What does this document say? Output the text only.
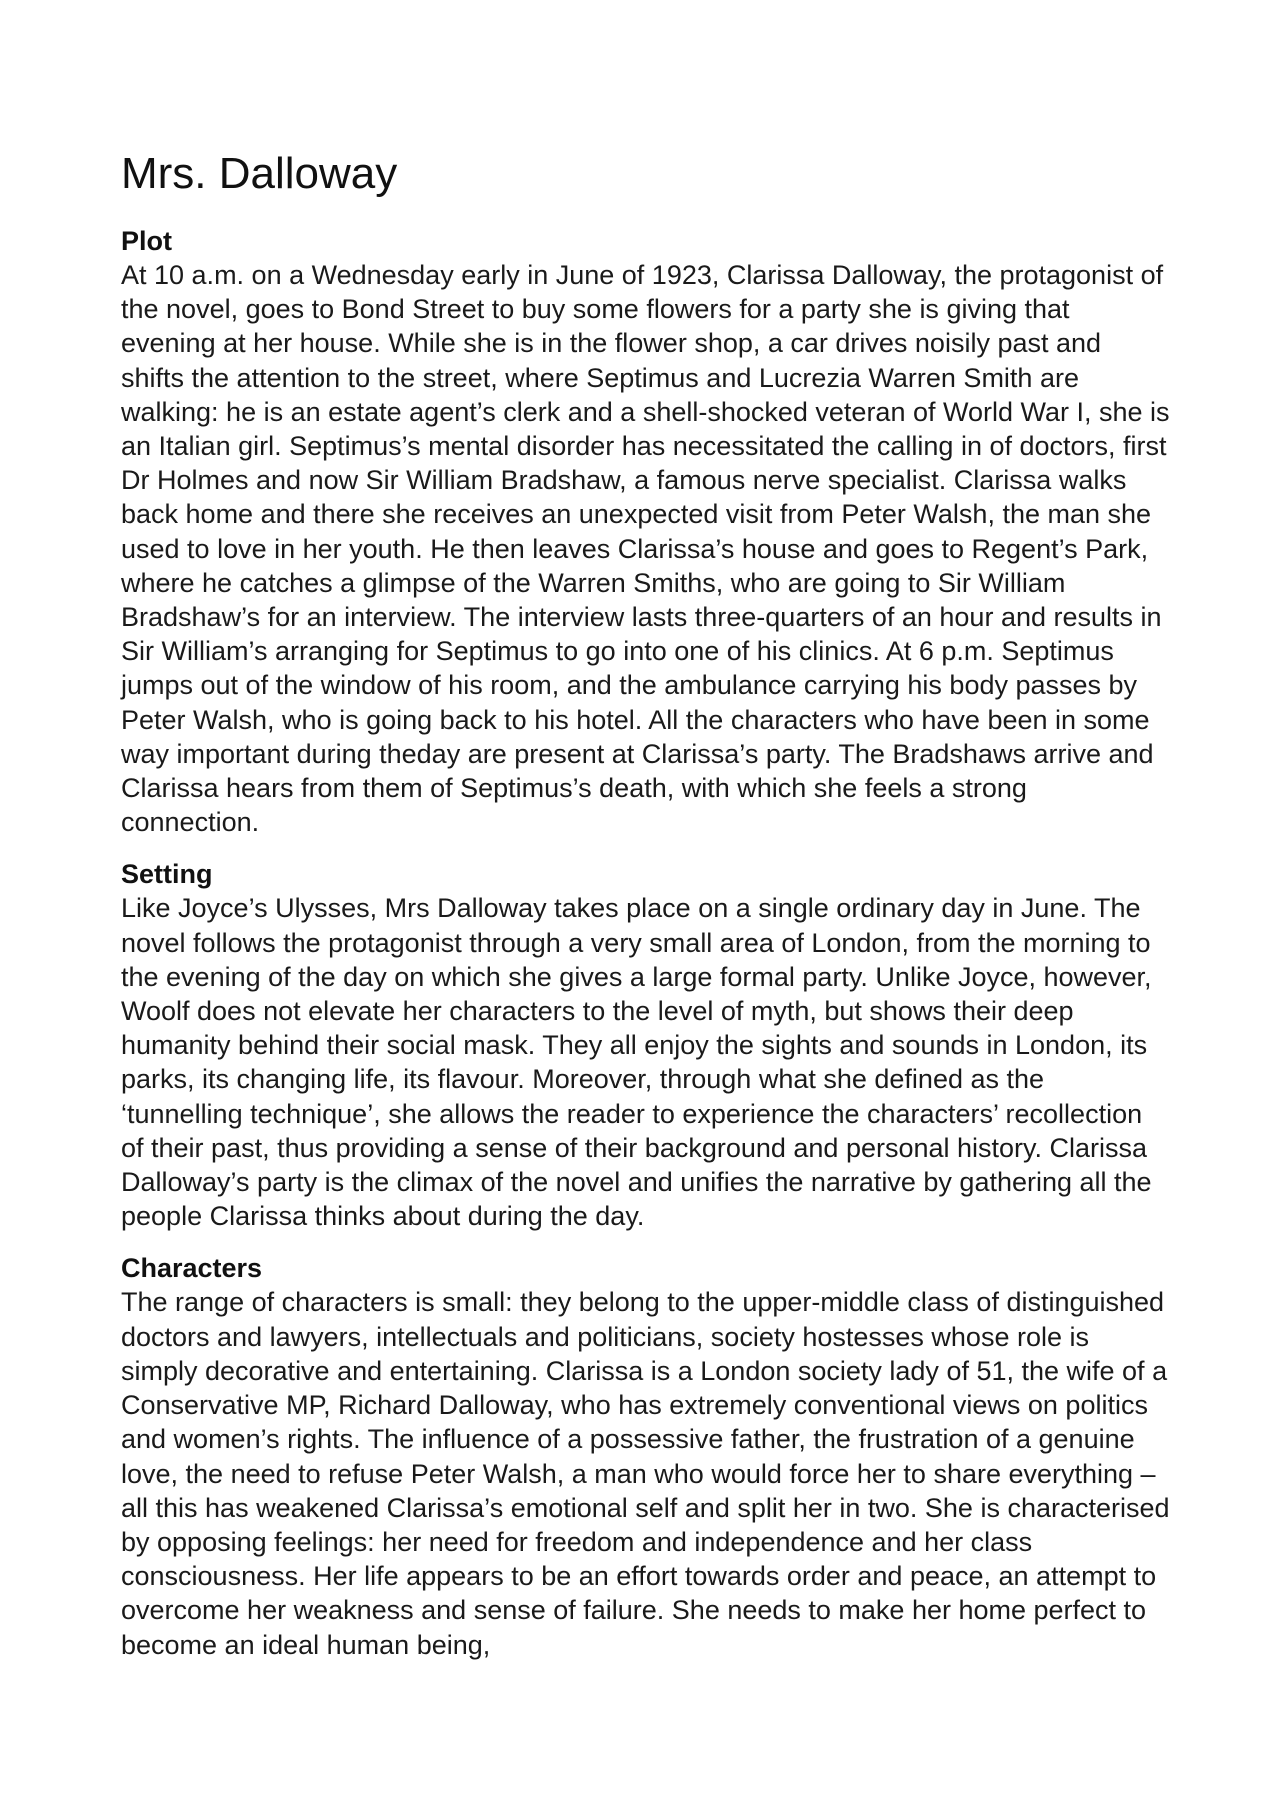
Mrs. Dalloway
Plot

At 10 a.m. on a Wednesday early in June of 1923, Clarissa Dalloway, the protagonist of the novel, goes to Bond Street to buy some flowers for a party she is giving that evening at her house. While she is in the flower shop, a car drives noisily past and shifts the attention to the street, where Septimus and Lucrezia Warren Smith are walking: he is an estate agent’s clerk and a shell-shocked veteran of World War I, she is an Italian girl. Septimus’s mental disorder has necessitated the calling in of doctors, first Dr Holmes and now Sir William Bradshaw, a famous nerve specialist. Clarissa walks back home and there she receives an unexpected visit from Peter Walsh, the man she used to love in her youth. He then leaves Clarissa’s house and goes to Regent’s Park, where he catches a glimpse of the Warren Smiths, who are going to Sir William Bradshaw’s for an interview. The interview lasts three-quarters of an hour and results in Sir William’s arranging for Septimus to go into one of his clinics. At 6 p.m. Septimus jumps out of the window of his room, and the ambulance carrying his body passes by Peter Walsh, who is going back to his hotel. All the characters who have been in some way important during theday are present at Clarissa’s party. The Bradshaws arrive and Clarissa hears from them of Septimus’s death, with which she feels a strong connection.

Setting

Like Joyce’s Ulysses, Mrs Dalloway takes place on a single ordinary day in June. The novel follows the protagonist through a very small area of London, from the morning to the evening of the day on which she gives a large formal party. Unlike Joyce, however, Woolf does not elevate her characters to the level of myth, but shows their deep humanity behind their social mask. They all enjoy the sights and sounds in London, its parks, its changing life, its flavour. Moreover, through what she defined as the ‘tunnelling technique’, she allows the reader to experience the characters’ recollection of their past, thus providing a sense of their background and personal history. Clarissa Dalloway’s party is the climax of the novel and unifies the narrative by gathering all the people Clarissa thinks about during the day.

Characters

The range of characters is small: they belong to the upper-middle class of distinguished doctors and lawyers, intellectuals and politicians, society hostesses whose role is simply decorative and entertaining. Clarissa is a London society lady of 51, the wife of a Conservative MP, Richard Dalloway, who has extremely conventional views on politics and women’s rights. The influence of a possessive father, the frustration of a genuine love, the need to refuse Peter Walsh, a man who would force her to share everything – all this has weakened Clarissa’s emotional self and split her in two. She is characterised by opposing feelings: her need for freedom and independence and her class consciousness. Her life appears to be an effort towards order and peace, an attempt to overcome her weakness and sense of failure. She needs to make her home perfect to become an ideal human being,
